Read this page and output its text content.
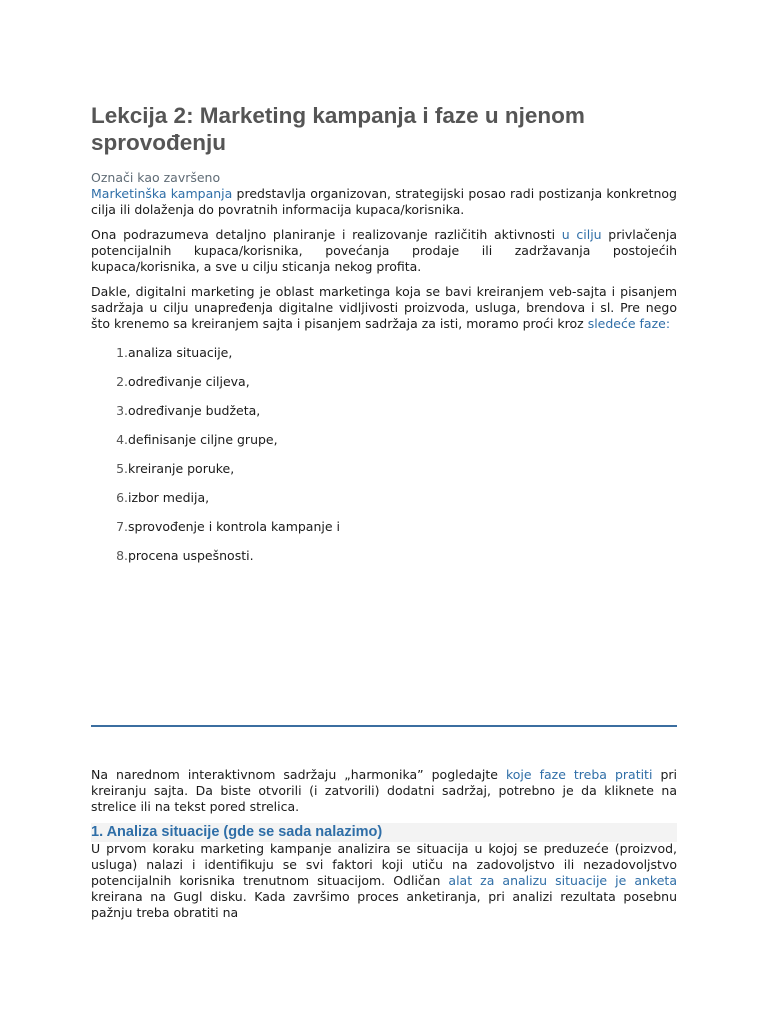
Lekcija 2: Marketing kampanja i faze u njenom sprovođenju

Označi kao završeno

Marketinška kampanja predstavlja organizovan, strategijski posao radi postizanja konkretnog cilja ili dolaženja do povratnih informacija kupaca/korisnika.

Ona podrazumeva detaljno planiranje i realizovanje različitih aktivnosti u cilju privlačenja potencijalnih kupaca/korisnika, povećanja prodaje ili zadržavanja postojećih kupaca/korisnika, a sve u cilju sticanja nekog profita.

Dakle, digitalni marketing je oblast marketinga koja se bavi kreiranjem veb-sajta i pisanjem sadržaja u cilju unapređenja digitalne vidljivosti proizvoda, usluga, brendova i sl. Pre nego što krenemo sa kreiranjem sajta i pisanjem sadržaja za isti, moramo proći kroz sledeće faze:

1. analiza situacije,
2. određivanje ciljeva,
3. određivanje budžeta,
4. definisanje ciljne grupe,
5. kreiranje poruke,
6. izbor medija,
7. sprovođenje i kontrola kampanje i
8. procena uspešnosti.

Na narednom interaktivnom sadržaju „harmonika” pogledajte koje faze treba pratiti pri kreiranju sajta. Da biste otvorili (i zatvorili) dodatni sadržaj, potrebno je da kliknete na strelice ili na tekst pored strelica.

1. Analiza situacije (gde se sada nalazimo)

U prvom koraku marketing kampanje analizira se situacija u kojoj se preduzeće (proizvod, usluga) nalazi i identifikuju se svi faktori koji utiču na zadovoljstvo ili nezadovoljstvo potencijalnih korisnika trenutnom situacijom. Odličan alat za analizu situacije je anketa kreirana na Gugl disku. Kada završimo proces anketiranja, pri analizi rezultata posebnu pažnju treba obratiti na
